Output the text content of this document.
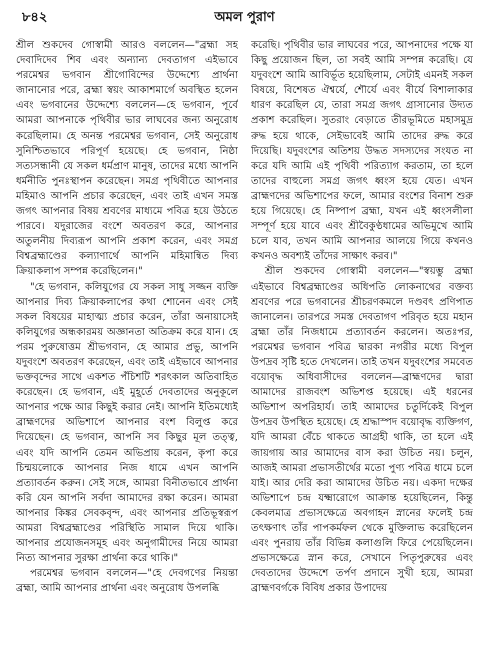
৮৪২	অমল পুরাণ

শ্রীল শুকদেব গোস্বামী আরও বললেন—"ব্রহ্মা সহ দেবাদিদেব শিব এবং অন্যান্য দেবতাগণ এইভাবে পরমেশ্বর ভগবান শ্রীগোবিন্দের উদ্দেশ্যে প্রার্থনা জানানোর পরে, ব্রহ্মা স্বয়ং আকাশমার্গে অবস্থিত হলেন এবং ভগবানের উদ্দেশ্যে বললেন—হে ভগবান, পূর্বে আমরা আপনাকে পৃথিবীর ভার লাঘবের জন্য অনুরোধ করেছিলাম। হে অনন্ত পরমেশ্বর ভগবান, সেই অনুরোধ সুনিশ্চিতভাবে পরিপূর্ণ হয়েছে। হে ভগবান, নিষ্ঠা সত্যসন্ধানী যে সকল ধর্মপ্রাণ মানুষ, তাদের মধ্যে আপনি ধর্মনীতি পুনঃস্থাপন করেছেন। সমগ্র পৃথিবীতে আপনার মহিমাও আপনি প্রচার করেছেন, এবং তাই এখন সমস্ত জগৎ আপনার বিষয় শ্রবণের মাধ্যমে পবিত্র হয়ে উঠতে পারবে। যদুরাজের বংশে অবতরণ করে, আপনার অতুলনীয় দিব্যরূপ আপনি প্রকাশ করেন, এবং সমগ্র বিশ্বব্রহ্মাণ্ডের কল্যাণার্থে আপনি মহিমান্বিত দিব্য ক্রিয়াকলাপ সম্পন্ন করেছিলেন।"

"হে ভগবান, কলিযুগের যে সকল সাধু সজ্জন ব্যক্তি আপনার দিব্য ক্রিয়াকলাপের কথা শোনেন এবং সেই সকল বিষয়ের মাহাত্ম্য প্রচার করেন, তাঁরা অনায়াসেই কলিযুগের অন্ধকারময় অজ্ঞানতা অতিক্রম করে যান। হে পরম পুরুষোত্তম শ্রীভগবান, হে আমার প্রভু, আপনি যদুবংশে অবতরণ করেছেন, এবং তাই এইভাবে আপনার ভক্তবৃন্দের সাথে একশত পঁচিশটি শরৎকাল অতিবাহিত করেছেন। হে ভগবান, এই মুহূর্তে দেবতাদের অনুকূলে আপনার পক্ষে আর কিছুই করার নেই। আপনি ইতিমধ্যেই ব্রাহ্মণদের অভিশাপে আপনার বংশ বিলুপ্ত করে দিয়েছেন। হে ভগবান, আপনি সব কিছুর মূল তত্ত্ব, এবং যদি আপনি তেমন অভিপ্রায় করেন, কৃপা করে চিন্ময়লোকে আপনার নিজ ধামে এখন আপনি প্রত্যাবর্তন করুন। সেই সঙ্গে, আমরা বিনীতভাবে প্রার্থনা করি যেন আপনি সর্বদা আমাদের রক্ষা করেন। আমরা আপনার কিঙ্কর সেবকবৃন্দ, এবং আপনার প্রতিভূস্বরূপ আমরা বিশ্বব্রহ্মাণ্ডের পরিস্থিতি সামাল দিয়ে থাকি। আপনার প্রযোজনসমূহ এবং অনুগামীদের নিয়ে আমরা নিত্য আপনার সুরক্ষা প্রার্থনা করে থাকি।"

পরমেশ্বর ভগবান বললেন—"হে দেবগণের নিয়ন্তা ব্রহ্মা, আমি আপনার প্রার্থনা এবং অনুরোধ উপলব্ধি

করেছি। পৃথিবীর ভার লাঘবের পরে, আপনাদের পক্ষে যা কিছু প্রয়োজন ছিল, তা সবই আমি সম্পন্ন করেছি। যে যদুবংশে আমি আবির্ভূত হয়েছিলাম, সেটাই এমনই সকল বিষয়ে, বিশেষত ঐশ্বর্যে, শৌর্যে এবং বীর্যে বিশালাকার ধারণ করেছিল যে, তারা সমগ্র জগৎ গ্রাসানোর উদ্যত প্রকাশ করেছিল। সুতরাং বেড়াতে তীরভূমিতে মহাসমুদ্র রুদ্ধ হয়ে থাকে, সেইভাবেই আমি তাদের রুদ্ধ করে দিয়েছি। যদুবংশের অতিশয় উদ্ধত সদস্যদের সংযত না করে যদি আমি এই পৃথিবী পরিত্যাগ করতাম, তা হলে তাদের বাহুল্যে সমগ্র জগৎ ধ্বংস হয়ে যেত। এখন ব্রাহ্মণদের অভিশাপের ফলে, আমার বংশের বিনাশ শুরু হয়ে গিয়েছে। হে নিষ্পাপ ব্রহ্মা, যখন এই ধ্বংসলীলা সম্পূর্ণ হয়ে যাবে এবং শ্রীবৈকুণ্ঠধামের অভিমুখে আমি চলে যাব, তখন আমি আপনার আলয়ে গিয়ে কখনও কখনও অবশ্যই তাঁদের সাক্ষাৎ করব।"

শ্রীল শুকদেব গোস্বামী বললেন—"স্বয়ম্ভু ব্রহ্মা এইভাবে বিশ্বব্রহ্মাণ্ডের অধিপতি লোকনাথের বক্তব্য শ্রবণের পরে ভগবানের শ্রীচরণকমলে দণ্ডবৎ প্রণিপাত জানালেন। তারপরে সমস্ত দেবতাগণ পরিবৃত হয়ে মহান ব্রহ্মা তাঁর নিজধামে প্রত্যাবর্তন করলেন। অতঃপর, পরমেশ্বর ভগবান পবিত্র দ্বারকা নগরীর মধ্যে বিপুল উপদ্রব সৃষ্টি হতে দেখলেন। তাই তখন যদুবংশের সমবেত বয়োবৃদ্ধ অধিবাসীদের বললেন—ব্রাহ্মণদের দ্বারা আমাদের রাজবংশ অভিশপ্ত হয়েছে। এই ধরনের অভিশাপ অপরিহার্য। তাই আমাদের চতুর্দিকেই বিপুল উপদ্রব উপস্থিত হয়েছে। হে শ্রদ্ধাস্পদ বয়োবৃদ্ধ ব্যক্তিগণ, যদি আমরা বেঁচে থাকতে আগ্রহী থাকি, তা হলে এই জায়গায় আর আমাদের বাস করা উচিত নয়। চলুন, আজই আমরা প্রভাসতীর্থের মতো পুণ্য পবিত্র ধামে চলে যাই। আর দেরি করা আমাদের উচিত নয়। একদা দক্ষের অভিশাপে চন্দ্র যক্ষ্মারোগে আক্রান্ত হয়েছিলেন, কিন্তু কেবলমাত্র প্রভাসক্ষেত্রে অবগাহন স্নানের ফলেই চন্দ্র তৎক্ষণাৎ তাঁর পাপকর্মফল থেকে মুক্তিলাভ করেছিলেন এবং পুনরায় তাঁর বিভিন্ন কলাগুলি ফিরে পেয়েছিলেন। প্রভাসক্ষেত্রে স্নান করে, সেখানে পিতৃপুরুষের এবং দেবতাদের উদ্দেশে তর্পণ প্রদানে সুখী হয়ে, আমরা ব্রাহ্মণবর্গকে বিবিধ প্রকার উপাদেয়
